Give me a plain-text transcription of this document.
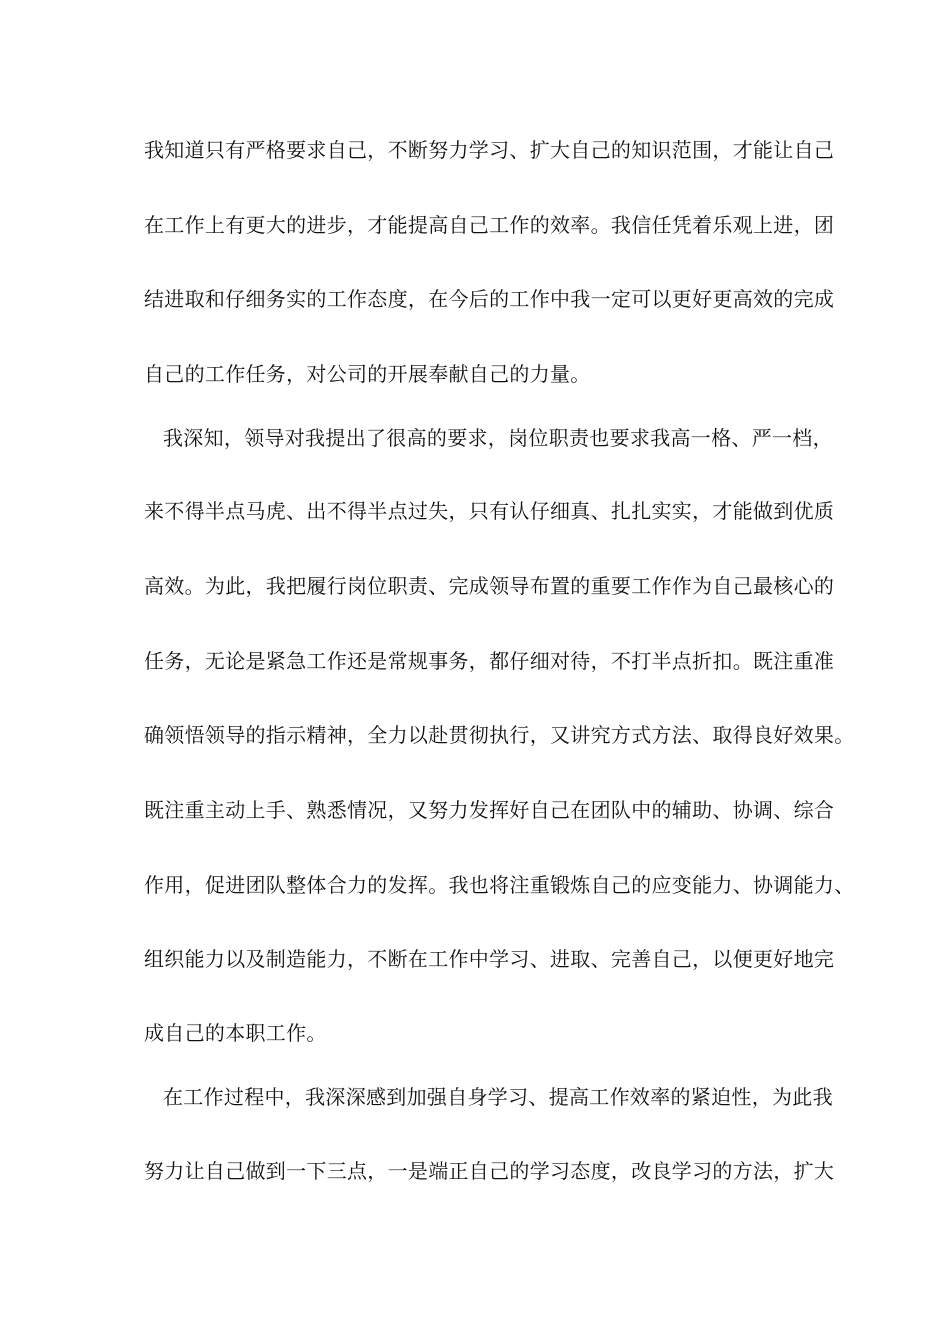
我知道只有严格要求自己，不断努力学习、扩大自己的知识范围，才能让自己
在工作上有更大的进步，才能提高自己工作的效率。我信任凭着乐观上进，团
结进取和仔细务实的工作态度，在今后的工作中我一定可以更好更高效的完成
自己的工作任务，对公司的开展奉献自己的力量。
我深知，领导对我提出了很高的要求，岗位职责也要求我高一格、严一档，
来不得半点马虎、出不得半点过失，只有认仔细真、扎扎实实，才能做到优质
高效。为此，我把履行岗位职责、完成领导布置的重要工作作为自己最核心的
任务，无论是紧急工作还是常规事务，都仔细对待，不打半点折扣。既注重准
确领悟领导的指示精神，全力以赴贯彻执行，又讲究方式方法、取得良好效果。
既注重主动上手、熟悉情况，又努力发挥好自己在团队中的辅助、协调、综合
作用，促进团队整体合力的发挥。我也将注重锻炼自己的应变能力、协调能力、
组织能力以及制造能力，不断在工作中学习、进取、完善自己，以便更好地完
成自己的本职工作。
在工作过程中，我深深感到加强自身学习、提高工作效率的紧迫性，为此我
努力让自己做到一下三点，一是端正自己的学习态度，改良学习的方法，扩大
